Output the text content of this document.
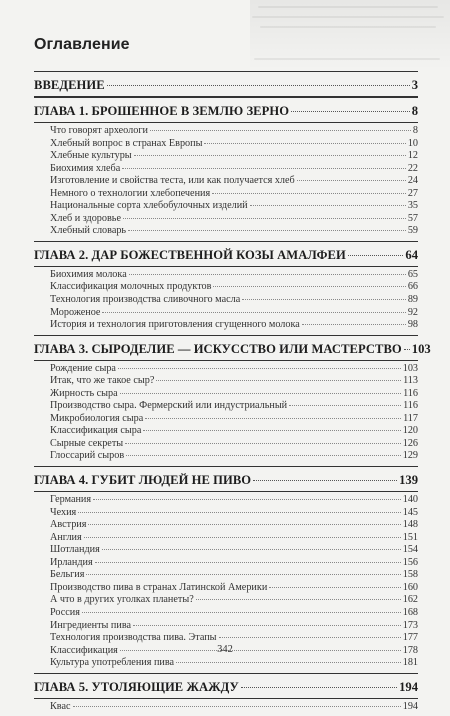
Оглавление
ВВЕДЕНИЕ	3
ГЛАВА 1. БРОШЕННОЕ В ЗЕМЛЮ ЗЕРНО	8
Что говорят археологи	8
Хлебный вопрос в странах Европы	10
Хлебные культуры	12
Биохимия хлеба	22
Изготовление и свойства теста, или как получается хлеб	24
Немного о технологии хлебопечения	27
Национальные сорта хлебобулочных изделий	35
Хлеб и здоровье	57
Хлебный словарь	59
ГЛАВА 2. ДАР БОЖЕСТВЕННОЙ КОЗЫ АМАЛФЕИ	64
Биохимия молока	65
Классификация молочных продуктов	66
Технология производства сливочного масла	89
Мороженое	92
История и технология приготовления сгущенного молока	98
ГЛАВА 3. СЫРОДЕЛИЕ — ИСКУССТВО ИЛИ МАСТЕРСТВО 103
Рождение сыра	103
Итак, что же такое сыр?	113
Жирность сыра	116
Производство сыра. Фермерский или индустриальный	116
Микробиология сыра	117
Классификация сыра	120
Сырные секреты	126
Глоссарий сыров	129
ГЛАВА 4. ГУБИТ ЛЮДЕЙ НЕ ПИВО	139
Германия	140
Чехия	145
Австрия	148
Англия	151
Шотландия	154
Ирландия	156
Бельгия	158
Производство пива в странах Латинской Америки	160
А что в других уголках планеты?	162
Россия	168
Ингредиенты пива	173
Технология производства пива. Этапы	177
Классификация	178
Культура употребления пива	181
ГЛАВА 5. УТОЛЯЮЩИЕ ЖАЖДУ	194
Квас	194
342
